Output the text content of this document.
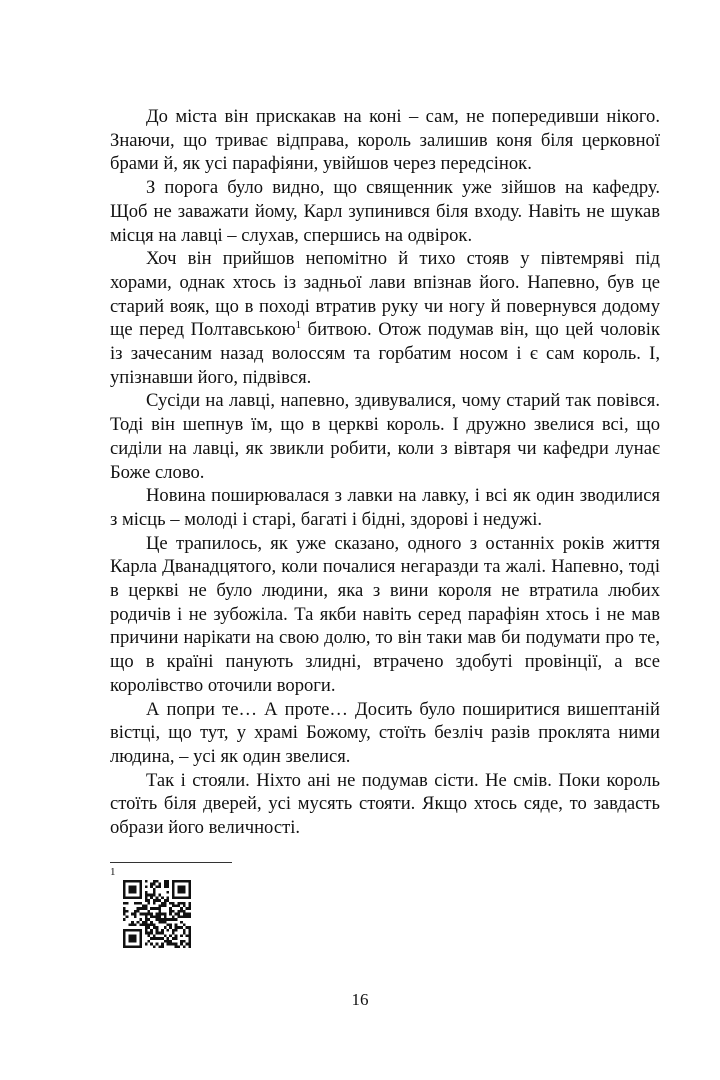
До міста він прискакав на коні – сам, не попередивши нікого. Знаючи, що триває відправа, король залишив коня біля церковної брами й, як усі парафіяни, увійшов через передсінок.

З порога було видно, що священник уже зійшов на кафедру. Щоб не заважати йому, Карл зупинився біля входу. Навіть не шукав місця на лавці – слухав, спершись на одвірок.

Хоч він прийшов непомітно й тихо стояв у півтемряві під хорами, однак хтось із задньої лави впізнав його. Напевно, був це старий вояк, що в поході втратив руку чи ногу й повернувся додому ще перед Полтавською$^1$ битвою. Отож подумав він, що цей чоловік із зачесаним назад волоссям та горбатим носом і є сам король. І, упізнавши його, підвівся.

Сусіди на лавці, напевно, здивувалися, чому старий так повівся. Тоді він шепнув їм, що в церкві король. І дружно звелися всі, що сиділи на лавці, як звикли робити, коли з вівтаря чи кафедри лунає Боже слово.

Новина поширювалася з лавки на лавку, і всі як один зводилися з місць – молоді і старі, багаті і бідні, здорові і недужі.

Це трапилось, як уже сказано, одного з останніх років життя Карла Дванадцятого, коли почалися негаразди та жалі. Напевно, тоді в церкві не було людини, яка з вини короля не втратила любих родичів і не зубожіла. Та якби навіть серед парафіян хтось і не мав причини нарікати на свою долю, то він таки мав би подумати про те, що в країні панують злидні, втрачено здобуті провінції, а все королівство оточили вороги.

А попри те… А проте… Досить було поширитися вишептаній вістці, що тут, у храмі Божому, стоїть безліч разів проклята ними людина, – усі як один звелися.

Так і стояли. Ніхто ані не подумав сісти. Не смів. Поки король стоїть біля дверей, усі мусять стояти. Якщо хтось сяде, то завдасть образи його величності.

1
16
